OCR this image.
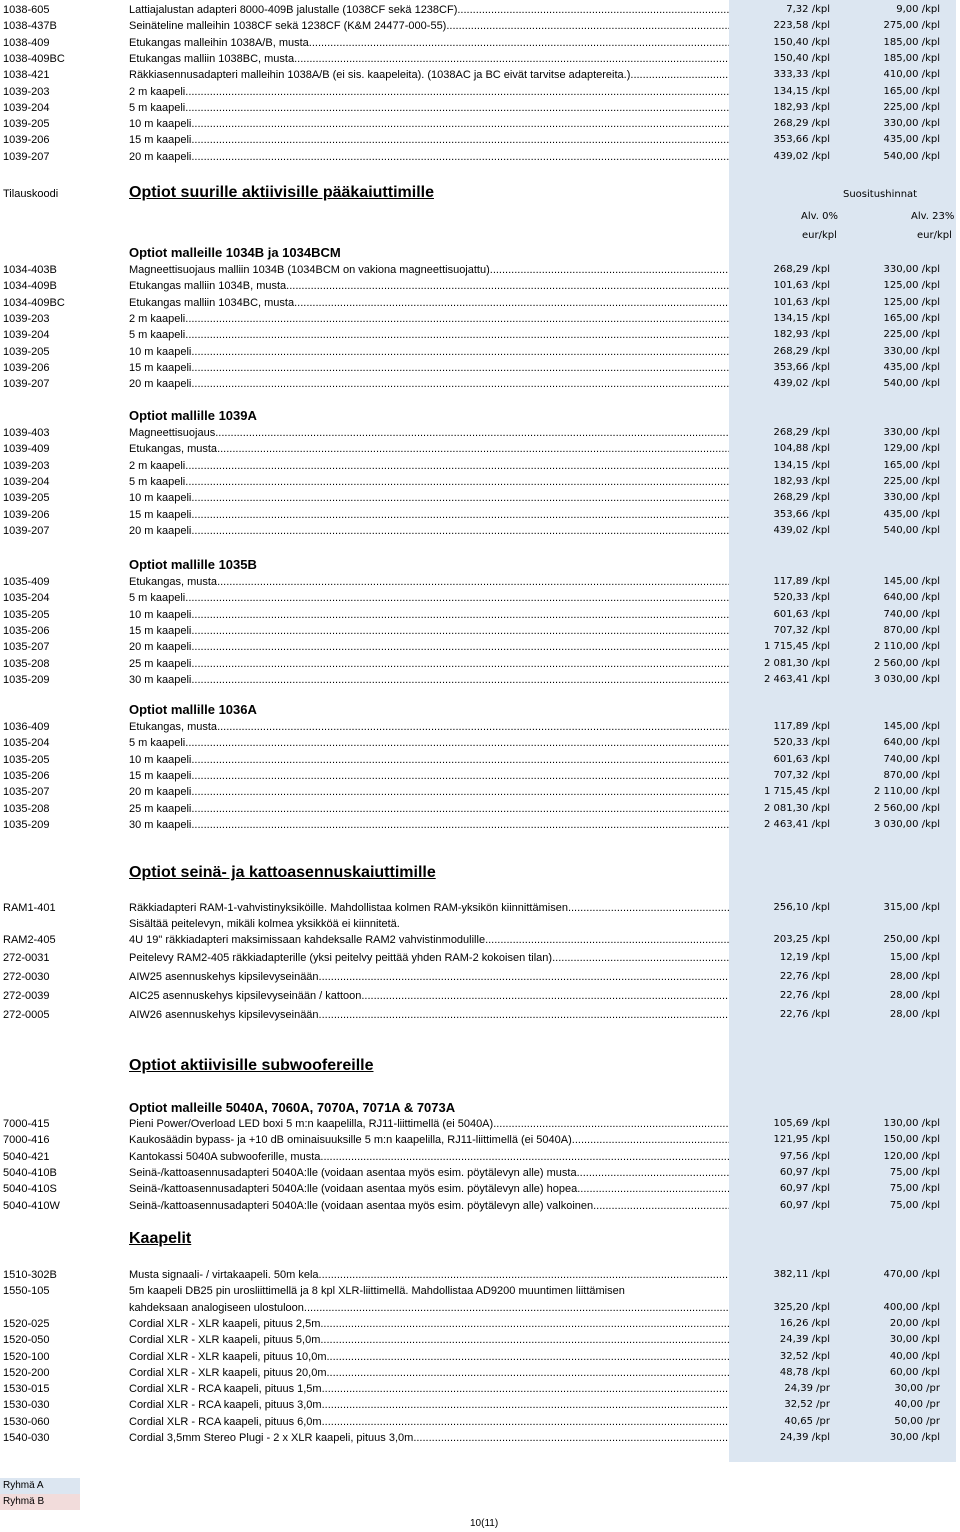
Tilauskoodi	Optiot suurille aktiivisille pääkaiuttimille	Suositushinnat
Alv. 0%	Alv. 23%
eur/kpl	eur/kpl
Optiot malleille 1034B ja 1034BCM
Optiot mallille 1039A
Optiot mallille 1035B
Optiot mallille 1036A
Optiot seinä- ja kattoasennuskaiuttimille
Optiot aktiivisille subwoofereille
Optiot malleille 5040A, 7060A, 7070A, 7071A & 7073A
Kaapelit
1038-605	Lattiajalustan adapteri 8000-409B jalustalle (1038CF sekä 1238CF) .....	7,32 /kpl	9,00 /kpl
1038-437B	Seinäteline malleihin 1038CF sekä 1238CF (K&M 24477-000-55) .....	223,58 /kpl	275,00 /kpl
1038-409	Etukangas malleihin 1038A/B, musta .....	150,40 /kpl	185,00 /kpl
1038-409BC	Etukangas malliin 1038BC, musta .....	150,40 /kpl	185,00 /kpl
1038-421	Räkkiasennusadapteri malleihin 1038A/B (ei sis. kaapeleita). (1038AC ja BC eivät tarvitse adaptereita.) .....	333,33 /kpl	410,00 /kpl
1039-203	2 m kaapeli .....	134,15 /kpl	165,00 /kpl
1039-204	5 m kaapeli .....	182,93 /kpl	225,00 /kpl
1039-205	10 m kaapeli .....	268,29 /kpl	330,00 /kpl
1039-206	15 m kaapeli .....	353,66 /kpl	435,00 /kpl
1039-207	20 m kaapeli .....	439,02 /kpl	540,00 /kpl
1034-403B	Magneettisuojaus malliin 1034B (1034BCM on vakiona magneettisuojattu) .....	268,29 /kpl	330,00 /kpl
1034-409B	Etukangas malliin 1034B, musta .....	101,63 /kpl	125,00 /kpl
1034-409BC	Etukangas malliin 1034BC, musta .....	101,63 /kpl	125,00 /kpl
1039-203	2 m kaapeli .....	134,15 /kpl	165,00 /kpl
1039-204	5 m kaapeli .....	182,93 /kpl	225,00 /kpl
1039-205	10 m kaapeli .....	268,29 /kpl	330,00 /kpl
1039-206	15 m kaapeli .....	353,66 /kpl	435,00 /kpl
1039-207	20 m kaapeli .....	439,02 /kpl	540,00 /kpl
1039-403	Magneettisuojaus .....	268,29 /kpl	330,00 /kpl
1039-409	Etukangas, musta .....	104,88 /kpl	129,00 /kpl
1039-203	2 m kaapeli .....	134,15 /kpl	165,00 /kpl
1039-204	5 m kaapeli .....	182,93 /kpl	225,00 /kpl
1039-205	10 m kaapeli .....	268,29 /kpl	330,00 /kpl
1039-206	15 m kaapeli .....	353,66 /kpl	435,00 /kpl
1039-207	20 m kaapeli .....	439,02 /kpl	540,00 /kpl
1035-409	Etukangas, musta .....	117,89 /kpl	145,00 /kpl
1035-204	5 m kaapeli .....	520,33 /kpl	640,00 /kpl
1035-205	10 m kaapeli .....	601,63 /kpl	740,00 /kpl
1035-206	15 m kaapeli .....	707,32 /kpl	870,00 /kpl
1035-207	20 m kaapeli .....	1 715,45 /kpl	2 110,00 /kpl
1035-208	25 m kaapeli .....	2 081,30 /kpl	2 560,00 /kpl
1035-209	30 m kaapeli .....	2 463,41 /kpl	3 030,00 /kpl
1036-409	Etukangas, musta .....	117,89 /kpl	145,00 /kpl
1035-204	5 m kaapeli .....	520,33 /kpl	640,00 /kpl
1035-205	10 m kaapeli .....	601,63 /kpl	740,00 /kpl
1035-206	15 m kaapeli .....	707,32 /kpl	870,00 /kpl
1035-207	20 m kaapeli .....	1 715,45 /kpl	2 110,00 /kpl
1035-208	25 m kaapeli .....	2 081,30 /kpl	2 560,00 /kpl
1035-209	30 m kaapeli .....	2 463,41 /kpl	3 030,00 /kpl
7000-415	Pieni Power/Overload LED boxi 5 m:n kaapelilla, RJ11-liittimellä (ei 5040A) .....	105,69 /kpl	130,00 /kpl
7000-416	Kaukosäädin bypass- ja +10 dB ominaisuuksille 5 m:n kaapelilla, RJ11-liittimellä (ei 5040A) .....	121,95 /kpl	150,00 /kpl
5040-421	Kantokassi 5040A subwooferille, musta .....	97,56 /kpl	120,00 /kpl
5040-410B	Seinä-/kattoasennusadapteri 5040A:lle (voidaan asentaa myös esim. pöytälevyn alle) musta .....	60,97 /kpl	75,00 /kpl
5040-410S	Seinä-/kattoasennusadapteri 5040A:lle (voidaan asentaa myös esim. pöytälevyn alle) hopea .....	60,97 /kpl	75,00 /kpl
5040-410W	Seinä-/kattoasennusadapteri 5040A:lle (voidaan asentaa myös esim. pöytälevyn alle) valkoinen .....	60,97 /kpl	75,00 /kpl
1510-302B	Musta signaali- / virtakaapeli. 50m kela .....	382,11 /kpl	470,00 /kpl
1550-105	5m kaapeli DB25 pin urosliittimellä ja 8 kpl XLR-liittimellä. Mahdollistaa AD9200 muuntimen liittämisen
kahdeksaan analogiseen ulostuloon .....	325,20 /kpl	400,00 /kpl
1520-025	Cordial XLR - XLR kaapeli, pituus 2,5m .....	16,26 /kpl	20,00 /kpl
1520-050	Cordial XLR - XLR kaapeli, pituus 5,0m .....	24,39 /kpl	30,00 /kpl
1520-100	Cordial XLR - XLR kaapeli, pituus 10,0m .....	32,52 /kpl	40,00 /kpl
1520-200	Cordial XLR - XLR kaapeli, pituus 20,0m .....	48,78 /kpl	60,00 /kpl
1530-015	Cordial XLR - RCA kaapeli, pituus 1,5m .....	24,39 /pr	30,00 /pr
1530-030	Cordial XLR - RCA kaapeli, pituus 3,0m .....	32,52 /pr	40,00 /pr
1530-060	Cordial XLR - RCA kaapeli, pituus 6,0m .....	40,65 /pr	50,00 /pr
1540-030	Cordial 3,5mm Stereo Plugi - 2 x XLR kaapeli, pituus 3,0m .....	24,39 /kpl	30,00 /kpl
RAM1-401	Räkkiadapteri RAM-1-vahvistinyksiköille. Mahdollistaa kolmen RAM-yksikön kiinnittämisen .....	256,10 /kpl	315,00 /kpl
Sisältää peitelevyn, mikäli kolmea yksikköä ei kiinnitetä.
RAM2-405	4U 19" räkkiadapteri maksimissaan kahdeksalle RAM2 vahvistinmodulille .....	203,25 /kpl	250,00 /kpl
272-0031	Peitelevy RAM2-405 räkkiadapterille (yksi peitelvy peittää yhden RAM-2 kokoisen tilan) .....	12,19 /kpl	15,00 /kpl
272-0030	AIW25 asennuskehys kipsilevyseinään .....	22,76 /kpl	28,00 /kpl
272-0039	AIC25 asennuskehys kipsilevyseinään / kattoon .....	22,76 /kpl	28,00 /kpl
272-0005	AIW26 asennuskehys kipsilevyseinään .....	22,76 /kpl	28,00 /kpl
Ryhmä A
Ryhmä B
10(11)
